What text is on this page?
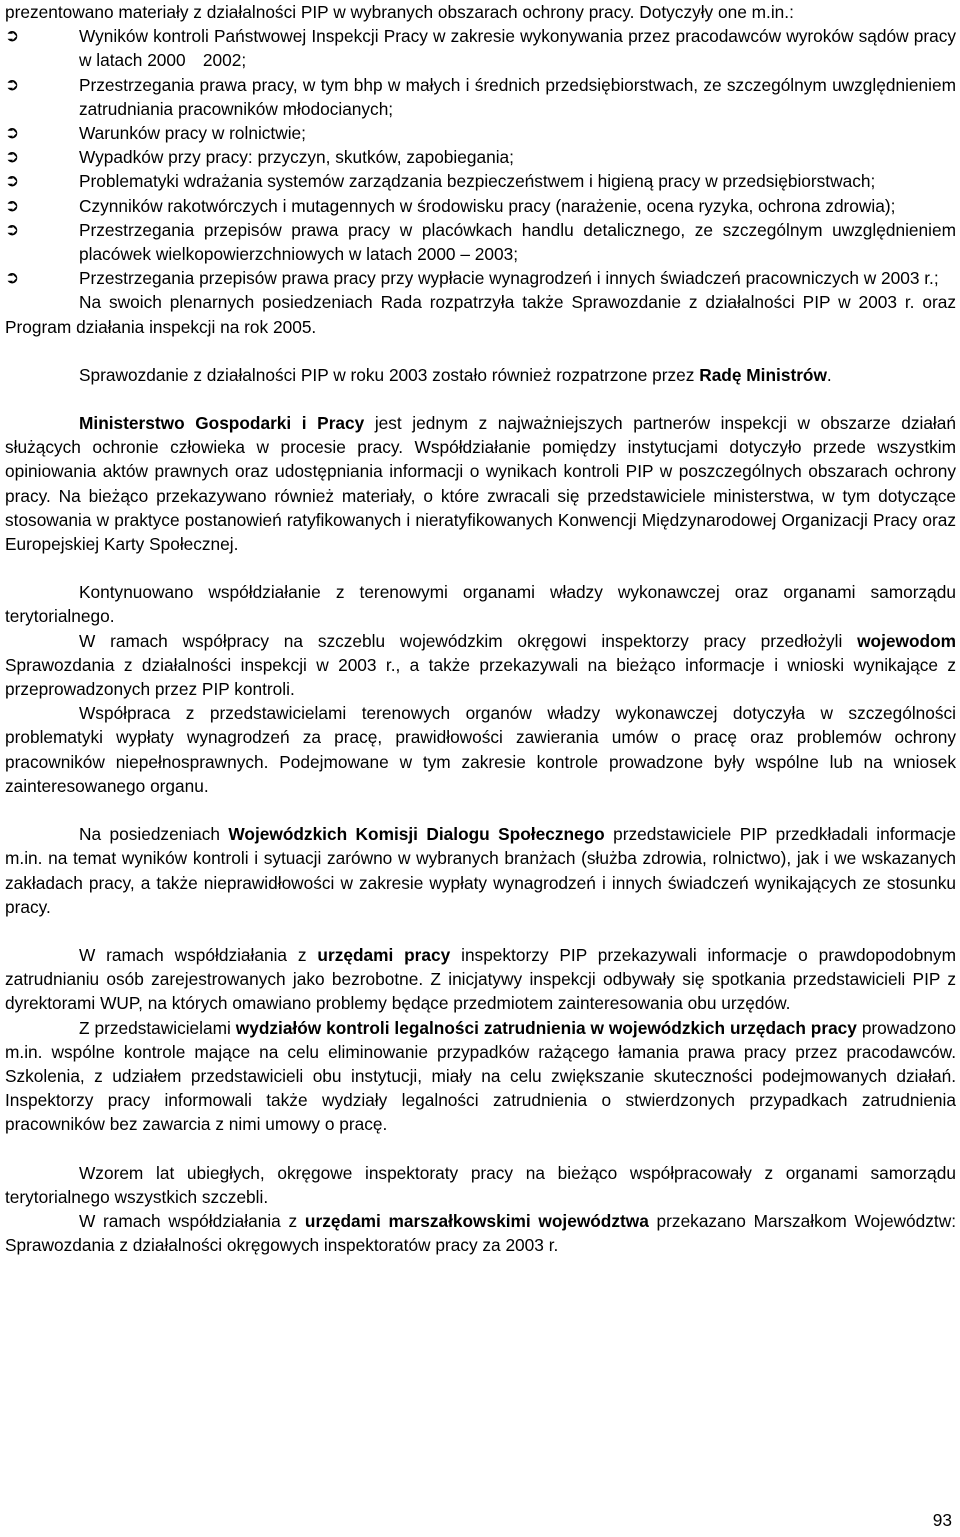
prezentowano materiały z działalności PIP w wybranych obszarach ochrony pracy. Dotyczyły one m.in.:

➲	Wyników kontroli Państwowej Inspekcji Pracy w zakresie wykonywania przez pracodawców wyroków sądów pracy w latach 2000 2002;
➲	Przestrzegania prawa pracy, w tym bhp w małych i średnich przedsiębiorstwach, ze szczególnym uwzględnieniem zatrudniania pracowników młodocianych;
➲	Warunków pracy w rolnictwie;
➲	Wypadków przy pracy: przyczyn, skutków, zapobiegania;
➲	Problematyki wdrażania systemów zarządzania bezpieczeństwem i higieną pracy w przedsiębiorstwach;
➲	Czynników rakotwórczych i mutagennych w środowisku pracy (narażenie, ocena ryzyka, ochrona zdrowia);
➲	Przestrzegania przepisów prawa pracy w placówkach handlu detalicznego, ze szczególnym uwzględnieniem placówek wielkopowierzchniowych w latach 2000 – 2003;
➲	Przestrzegania przepisów prawa pracy przy wypłacie wynagrodzeń i innych świadczeń pracowniczych w 2003 r.;

Na swoich plenarnych posiedzeniach Rada rozpatrzyła także Sprawozdanie z działalności PIP w 2003 r. oraz Program działania inspekcji na rok 2005.

Sprawozdanie z działalności PIP w roku 2003 zostało również rozpatrzone przez Radę Ministrów.

Ministerstwo Gospodarki i Pracy jest jednym z najważniejszych partnerów inspekcji w obszarze działań służących ochronie człowieka w procesie pracy. Współdziałanie pomiędzy instytucjami dotyczyło przede wszystkim opiniowania aktów prawnych oraz udostępniania informacji o wynikach kontroli PIP w poszczególnych obszarach ochrony pracy. Na bieżąco przekazywano również materiały, o które zwracali się przedstawiciele ministerstwa, w tym dotyczące stosowania w praktyce postanowień ratyfikowanych i nieratyfikowanych Konwencji Międzynarodowej Organizacji Pracy oraz Europejskiej Karty Społecznej.

Kontynuowano współdziałanie z terenowymi organami władzy wykonawczej oraz organami samorządu terytorialnego.

W ramach współpracy na szczeblu wojewódzkim okręgowi inspektorzy pracy przedłożyli wojewodom Sprawozdania z działalności inspekcji w 2003 r., a także przekazywali na bieżąco informacje i wnioski wynikające z przeprowadzonych przez PIP kontroli.

Współpraca z przedstawicielami terenowych organów władzy wykonawczej dotyczyła w szczególności problematyki wypłaty wynagrodzeń za pracę, prawidłowości zawierania umów o pracę oraz problemów ochrony pracowników niepełnosprawnych. Podejmowane w tym zakresie kontrole prowadzone były wspólne lub na wniosek zainteresowanego organu.

Na posiedzeniach Wojewódzkich Komisji Dialogu Społecznego przedstawiciele PIP przedkładali informacje m.in. na temat wyników kontroli i sytuacji zarówno w wybranych branżach (służba zdrowia, rolnictwo), jak i we wskazanych zakładach pracy, a także nieprawidłowości w zakresie wypłaty wynagrodzeń i innych świadczeń wynikających ze stosunku pracy.

W ramach współdziałania z urzędami pracy inspektorzy PIP przekazywali informacje o prawdopodobnym zatrudnianiu osób zarejestrowanych jako bezrobotne. Z inicjatywy inspekcji odbywały się spotkania przedstawicieli PIP z dyrektorami WUP, na których omawiano problemy będące przedmiotem zainteresowania obu urzędów.

Z przedstawicielami wydziałów kontroli legalności zatrudnienia w wojewódzkich urzędach pracy prowadzono m.in. wspólne kontrole mające na celu eliminowanie przypadków rażącego łamania prawa pracy przez pracodawców. Szkolenia, z udziałem przedstawicieli obu instytucji, miały na celu zwiększanie skuteczności podejmowanych działań. Inspektorzy pracy informowali także wydziały legalności zatrudnienia o stwierdzonych przypadkach zatrudnienia pracowników bez zawarcia z nimi umowy o pracę.

Wzorem lat ubiegłych, okręgowe inspektoraty pracy na bieżąco współpracowały z organami samorządu terytorialnego wszystkich szczebli.

W ramach współdziałania z urzędami marszałkowskimi województwa przekazano Marszałkom Województw: Sprawozdania z działalności okręgowych inspektoratów pracy za 2003 r.

93
